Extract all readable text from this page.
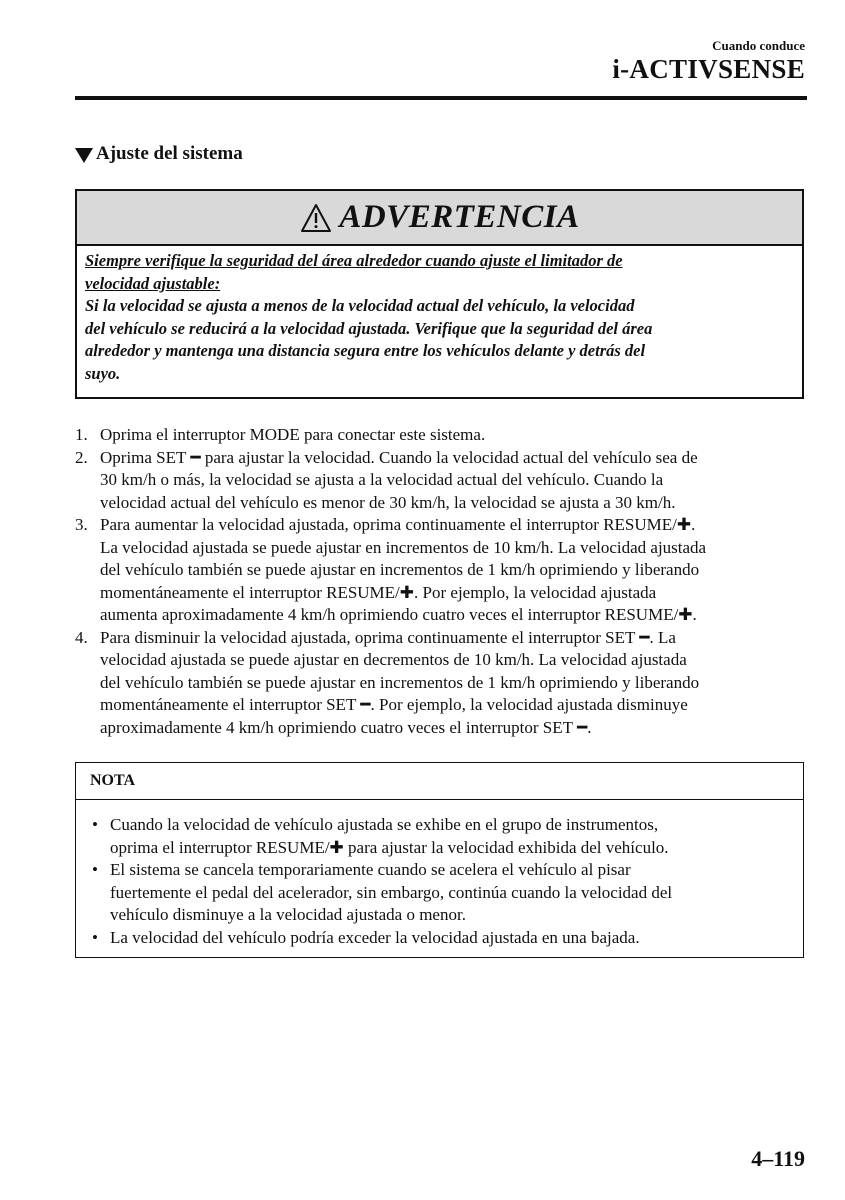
Cuando conduce
i-ACTIVSENSE
Ajuste del sistema
ADVERTENCIA
Siempre verifique la seguridad del área alrededor cuando ajuste el limitador de
velocidad ajustable:
Si la velocidad se ajusta a menos de la velocidad actual del vehículo, la velocidad
del vehículo se reducirá a la velocidad ajustada. Verifique que la seguridad del área
alrededor y mantenga una distancia segura entre los vehículos delante y detrás del
suyo.
1. Oprima el interruptor MODE para conectar este sistema.
2. Oprima SET ━ para ajustar la velocidad. Cuando la velocidad actual del vehículo sea de
30 km/h o más, la velocidad se ajusta a la velocidad actual del vehículo. Cuando la
velocidad actual del vehículo es menor de 30 km/h, la velocidad se ajusta a 30 km/h.
3. Para aumentar la velocidad ajustada, oprima continuamente el interruptor RESUME/✚.
La velocidad ajustada se puede ajustar en incrementos de 10 km/h. La velocidad ajustada
del vehículo también se puede ajustar en incrementos de 1 km/h oprimiendo y liberando
momentáneamente el interruptor RESUME/✚. Por ejemplo, la velocidad ajustada
aumenta aproximadamente 4 km/h oprimiendo cuatro veces el interruptor RESUME/✚.
4. Para disminuir la velocidad ajustada, oprima continuamente el interruptor SET ━. La
velocidad ajustada se puede ajustar en decrementos de 10 km/h. La velocidad ajustada
del vehículo también se puede ajustar en incrementos de 1 km/h oprimiendo y liberando
momentáneamente el interruptor SET ━. Por ejemplo, la velocidad ajustada disminuye
aproximadamente 4 km/h oprimiendo cuatro veces el interruptor SET ━.
NOTA
• Cuando la velocidad de vehículo ajustada se exhibe en el grupo de instrumentos,
oprima el interruptor RESUME/✚ para ajustar la velocidad exhibida del vehículo.
• El sistema se cancela temporariamente cuando se acelera el vehículo al pisar
fuertemente el pedal del acelerador, sin embargo, continúa cuando la velocidad del
vehículo disminuye a la velocidad ajustada o menor.
• La velocidad del vehículo podría exceder la velocidad ajustada en una bajada.
4–119
